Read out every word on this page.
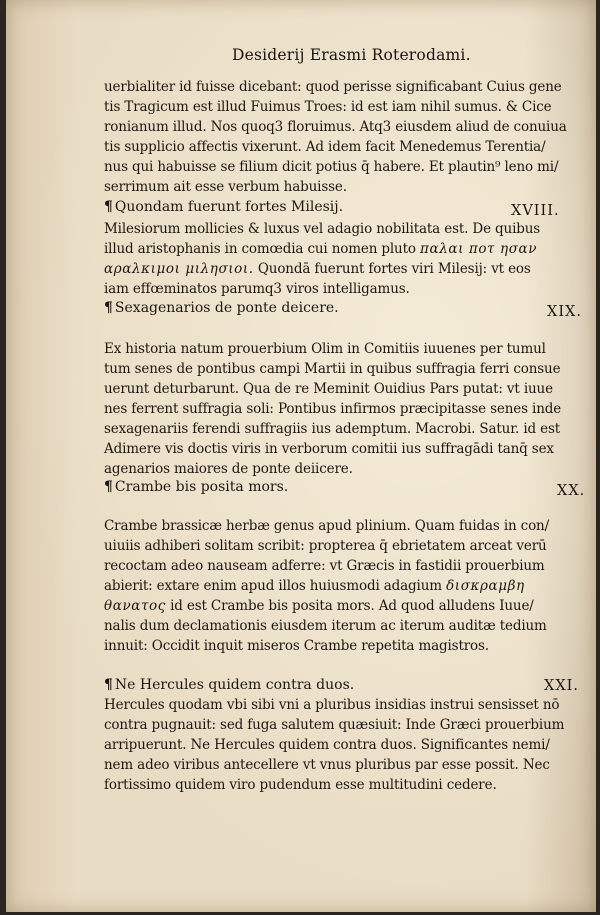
Desiderij Erasmi Roterodami.
uerbialiter id fuisse dicebant: quod perisse significabant Cuius gene
tis Tragicum est illud Fuimus Troes: id est iam nihil sumus. & Cice
ronianum illud. Nos quoq3 floruimus. Atq3 eiusdem aliud de conuiua
tis supplicio affectis vixerunt. Ad idem facit Menedemus Terentia/
nus qui habuisse se filium dicit potius q̄ habere. Et plautin⁹ leno mi/
serrimum ait esse verbum habuisse.
¶ Quondam fuerunt fortes Milesij.	XVIII.
Milesiorum mollicies & luxus vel adagio nobilitata est. De quibus
illud aristophanis in comœdia cui nomen pluto παλαι ποτ ησαν
αραλκιμοι μιλησιοι. Quondā fuerunt fortes viri Milesij: vt eos
iam effœminatos parumq3 viros intelligamus.
¶ Sexagenarios de ponte deicere.	XIX.
Ex historia natum prouerbium Olim in Comitiis iuuenes per tumul
tum senes de pontibus campi Martii in quibus suffragia ferri consue
uerunt deturbarunt. Qua de re Meminit Ouidius Pars putat: vt iuue
nes ferrent suffragia soli: Pontibus infirmos præcipitasse senes inde
sexagenariis ferendi suffragiis ius ademptum. Macrobi. Satur. id est
Adimere vis doctis viris in verborum comitii ius suffragādi tanq̄ sex
agenarios maiores de ponte deiicere.
¶ Crambe bis posita mors.	XX.
Crambe brassicæ herbæ genus apud plinium. Quam fuidas in con/
uiuiis adhiberi solitam scribit: propterea q̄ ebrietatem arceat verū
recoctam adeo nauseam adferre: vt Græcis in fastidii prouerbium
abierit: extare enim apud illos huiusmodi adagium δισκραμβη
θανατος id est Crambe bis posita mors. Ad quod alludens Iuue/
nalis dum declamationis eiusdem iterum ac iterum auditæ tedium
innuit: Occidit inquit miseros Crambe repetita magistros.
¶ Ne Hercules quidem contra duos.	XXI.
Hercules quodam vbi sibi vni a pluribus insidias instrui sensisset nō
contra pugnauit: sed fuga salutem quæsiuit: Inde Græci prouerbium
arripuerunt. Ne Hercules quidem contra duos. Significantes nemi/
nem adeo viribus antecellere vt vnus pluribus par esse possit. Nec
fortissimo quidem viro pudendum esse multitudini cedere.
